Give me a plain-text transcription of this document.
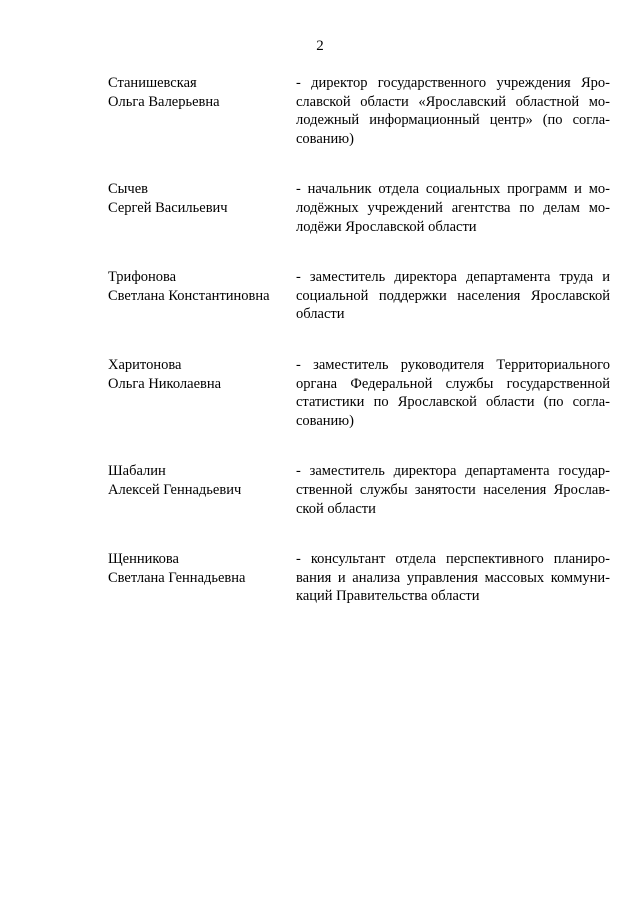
2
Станишевская
Ольга Валерьевна
- директор государственного учреждения Яро-
славской области «Ярославский областной мо-
лодежный информационный центр» (по согла-
сованию)
Сычев
Сергей Васильевич
- начальник отдела социальных программ и мо-
лодёжных учреждений агентства по делам мо-
лодёжи Ярославской области
Трифонова
Светлана Константиновна
- заместитель директора департамента труда и
социальной поддержки населения Ярославской
области
Харитонова
Ольга Николаевна
- заместитель руководителя Территориального
органа Федеральной службы государственной
статистики по Ярославской области (по согла-
сованию)
Шабалин
Алексей Геннадьевич
- заместитель директора департамента государ-
ственной службы занятости населения Ярослав-
ской области
Щенникова
Светлана Геннадьевна
- консультант отдела перспективного планиро-
вания и анализа управления массовых коммуни-
каций Правительства области
